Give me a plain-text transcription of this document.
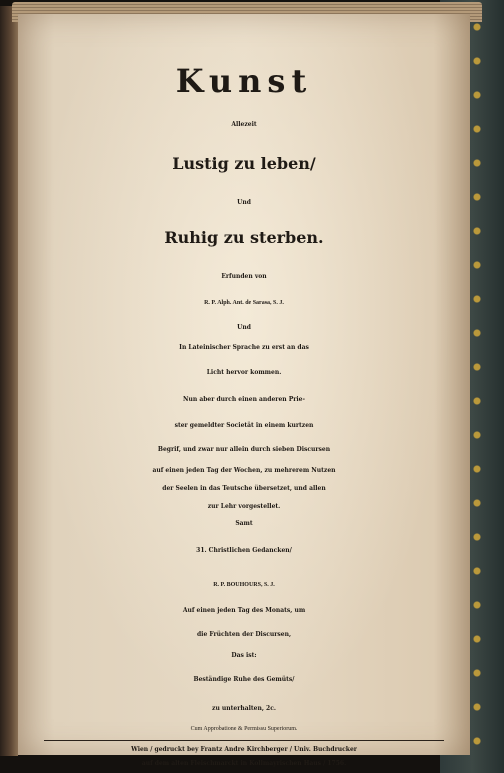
Kunst
Allezeit
Lustig zu leben/
Und
Ruhig zu sterben.
Erfunden von
R. P. Alph. Ant. de Sarasa, S. J.
Und
In Lateinischer Sprache zu erst an das
Licht hervor kommen.
Nun aber durch einen anderen Prie-
ster gemeldter Societät in einem kurtzen
Begrif, und zwar nur allein durch sieben Discursen
auf einen jeden Tag der Wochen, zu mehrerem Nutzen
der Seelen in das Teutsche übersetzet, und allen
zur Lehr vorgestellet.
Samt
31. Christlichen Gedancken/
R. P. BOUHOURS, S. J.
Auf einen jeden Tag des Monats, um
die Früchten der Discursen,
Das ist:
Beständige Ruhe des Gemüts/
zu unterhalten, 2c.
Cum Approbatione & Permissu Superiorum.
Wien / gedruckt bey Frantz Andre Kirchberger / Univ. Buchdrucker
auf dem alten Fleischmarckt in Kollmayrischen Haus / 1756.
